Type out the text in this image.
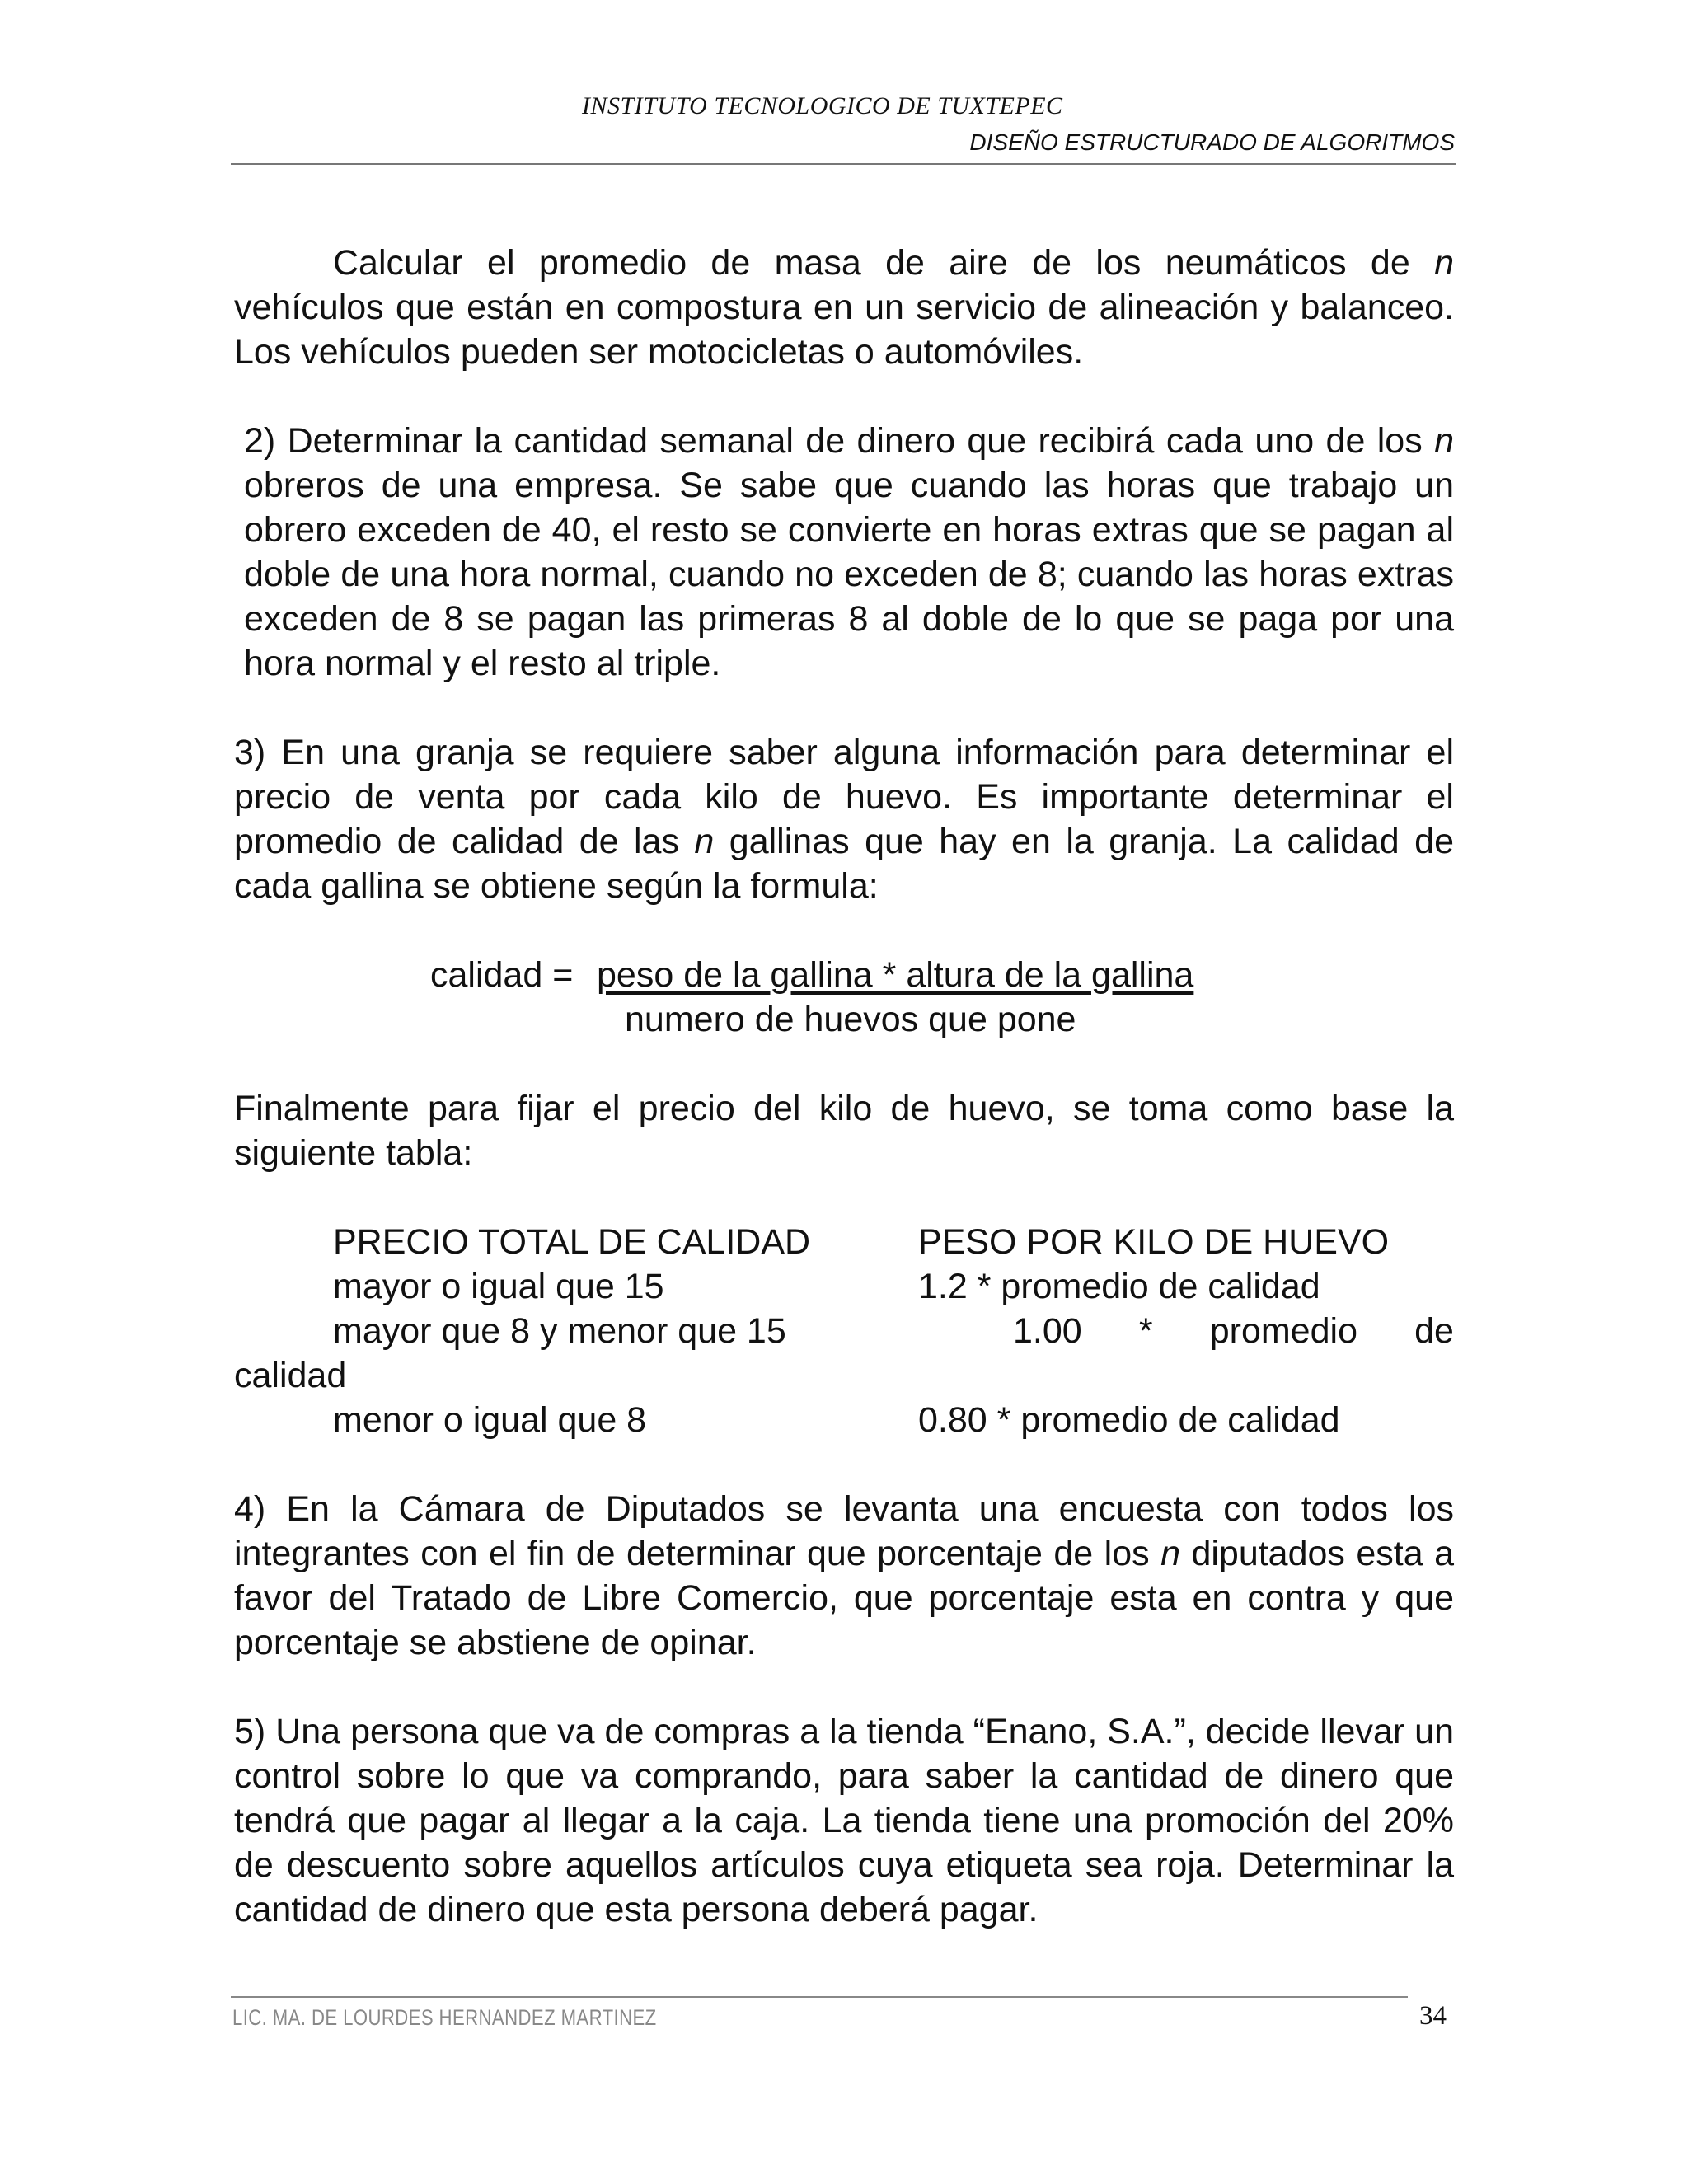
INSTITUTO TECNOLOGICO DE TUXTEPEC
DISEÑO ESTRUCTURADO DE ALGORITMOS

Calcular el promedio de masa de aire de los neumáticos de n vehículos que están en compostura en un servicio de alineación y balanceo. Los vehículos pueden ser motocicletas o automóviles.

2) Determinar la cantidad semanal de dinero que recibirá cada uno de los n obreros de una empresa. Se sabe que cuando las horas que trabajo un obrero exceden de 40, el resto se convierte en horas extras que se pagan al doble de una hora normal, cuando no exceden de 8; cuando las horas extras exceden de 8 se pagan las primeras 8 al doble de lo que se paga por una hora normal y el resto al triple.

3) En una granja se requiere saber alguna información para determinar el precio de venta por cada kilo de huevo. Es importante determinar el promedio de calidad de las n gallinas que hay en la granja. La calidad de cada gallina se obtiene según la formula:

calidad = peso de la gallina * altura de la gallina
numero de huevos que pone

Finalmente para fijar el precio del kilo de huevo, se toma como base la siguiente tabla:

PRECIO TOTAL DE CALIDAD	PESO POR KILO DE HUEVO
mayor o igual que 15	1.2 * promedio de calidad
mayor que 8 y menor que 15	1.00 * promedio de
calidad
menor o igual que 8	0.80 * promedio de calidad

4) En la Cámara de Diputados se levanta una encuesta con todos los integrantes con el fin de determinar que porcentaje de los n diputados esta a favor del Tratado de Libre Comercio, que porcentaje esta en contra y que porcentaje se abstiene de opinar.

5) Una persona que va de compras a la tienda “Enano, S.A.”, decide llevar un control sobre lo que va comprando, para saber la cantidad de dinero que tendrá que pagar al llegar a la caja. La tienda tiene una promoción del 20% de descuento sobre aquellos artículos cuya etiqueta sea roja. Determinar la cantidad de dinero que esta persona deberá pagar.

LIC. MA. DE LOURDES HERNANDEZ MARTINEZ	34
